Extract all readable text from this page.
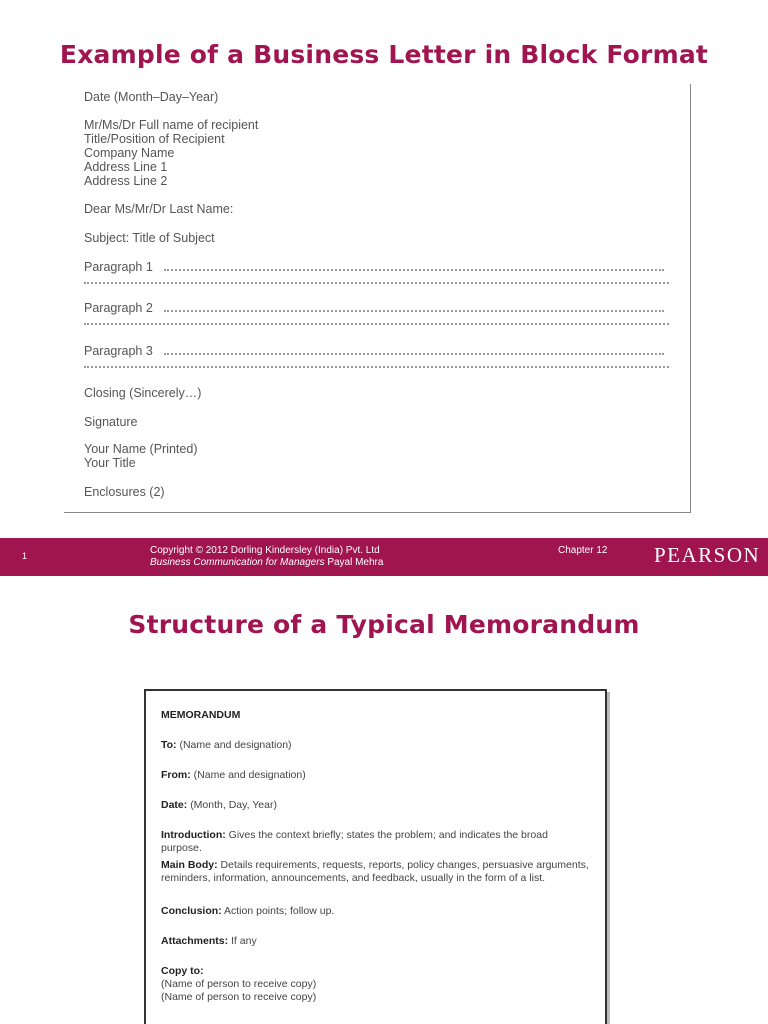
Example of a Business Letter in Block Format
Date (Month–Day–Year)
Mr/Ms/Dr Full name of recipient
Title/Position of Recipient
Company Name
Address Line 1
Address Line 2
Dear Ms/Mr/Dr Last Name:
Subject: Title of Subject
Paragraph 1
Paragraph 2
Paragraph 3
Closing (Sincerely…)
Signature
Your Name (Printed)
Your Title
Enclosures (2)
1	Copyright © 2012 Dorling Kindersley (India) Pvt. Ltd
Business Communication for Managers Payal Mehra
Chapter 12 PEARSON
Structure of a Typical Memorandum
MEMORANDUM
To: (Name and designation)
From: (Name and designation)
Date: (Month, Day, Year)
Introduction: Gives the context briefly; states the problem; and indicates the broad purpose.
Main Body: Details requirements, requests, reports, policy changes, persuasive arguments, reminders, information, announcements, and feedback, usually in the form of a list.
Conclusion: Action points; follow up.
Attachments: If any
Copy to:
(Name of person to receive copy)
(Name of person to receive copy)
